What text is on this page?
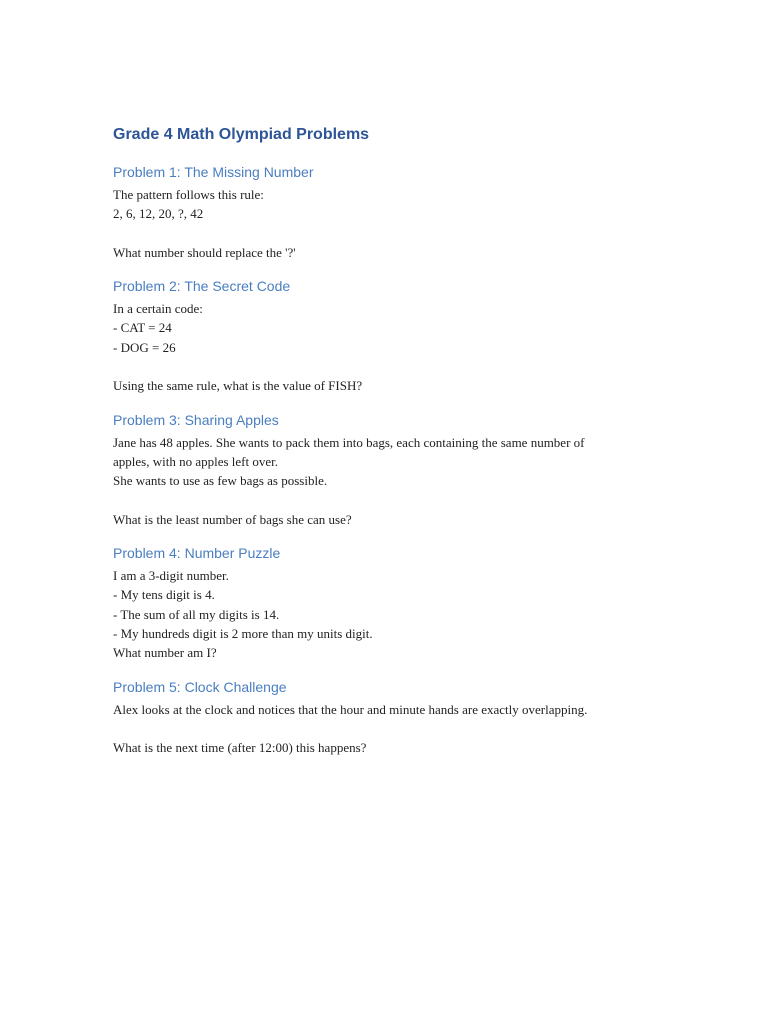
Grade 4 Math Olympiad Problems
Problem 1: The Missing Number

The pattern follows this rule:

2, 6, 12, 20, ?, 42

What number should replace the '?'

Problem 2: The Secret Code

In a certain code:

- CAT = 24

- DOG = 26

Using the same rule, what is the value of FISH?

Problem 3: Sharing Apples

Jane has 48 apples. She wants to pack them into bags, each containing the same number of

apples, with no apples left over.

She wants to use as few bags as possible.

What is the least number of bags she can use?

Problem 4: Number Puzzle

I am a 3-digit number.

- My tens digit is 4.

- The sum of all my digits is 14.

- My hundreds digit is 2 more than my units digit.

What number am I?

Problem 5: Clock Challenge

Alex looks at the clock and notices that the hour and minute hands are exactly overlapping.

What is the next time (after 12:00) this happens?
